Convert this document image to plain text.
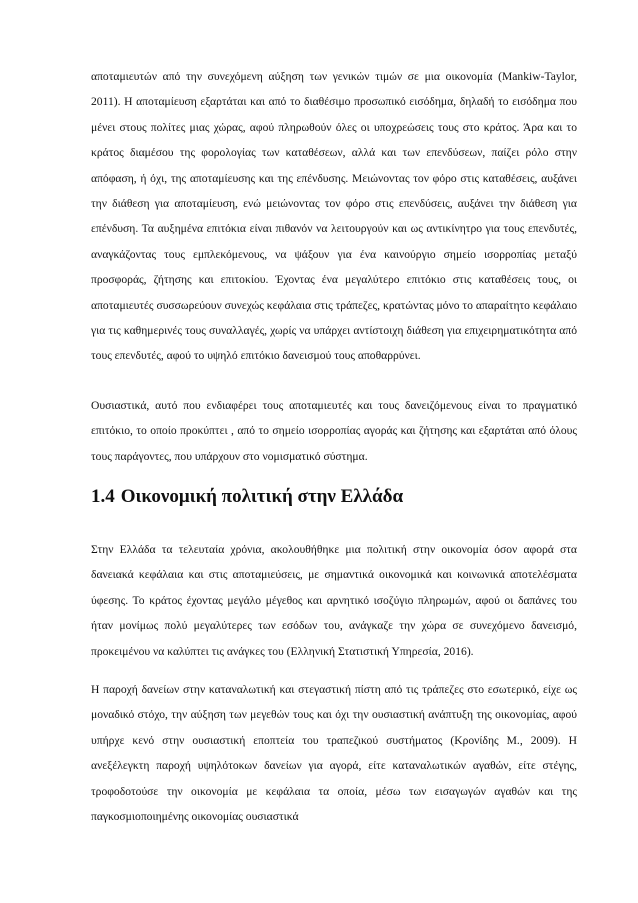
αποταμιευτών από την συνεχόμενη αύξηση των γενικών τιμών σε μια οικονομία (Mankiw-Taylor, 2011). Η αποταμίευση εξαρτάται και από το διαθέσιμο προσωπικό εισόδημα, δηλαδή το εισόδημα που μένει στους πολίτες μιας χώρας, αφού πληρωθούν όλες οι υποχρεώσεις τους στο κράτος. Άρα και το κράτος διαμέσου της φορολογίας των καταθέσεων, αλλά και των επενδύσεων, παίζει ρόλο στην απόφαση, ή όχι, της αποταμίευσης και της επένδυσης. Μειώνοντας τον φόρο στις καταθέσεις, αυξάνει την διάθεση για αποταμίευση, ενώ μειώνοντας τον φόρο στις επενδύσεις, αυξάνει την διάθεση για επένδυση. Τα αυξημένα επιτόκια είναι πιθανόν να λειτουργούν και ως αντικίνητρο για τους επενδυτές, αναγκάζοντας τους εμπλεκόμενους, να ψάξουν για ένα καινούργιο σημείο ισορροπίας μεταξύ προσφοράς, ζήτησης και επιτοκίου. Έχοντας ένα μεγαλύτερο επιτόκιο στις καταθέσεις τους, οι αποταμιευτές συσσωρεύουν συνεχώς κεφάλαια στις τράπεζες, κρατώντας μόνο το απαραίτητο κεφάλαιο για τις καθημερινές τους συναλλαγές, χωρίς να υπάρχει αντίστοιχη διάθεση για επιχειρηματικότητα από τους επενδυτές, αφού το υψηλό επιτόκιο δανεισμού τους αποθαρρύνει.

Ουσιαστικά, αυτό που ενδιαφέρει τους αποταμιευτές και τους δανειζόμενους είναι το πραγματικό επιτόκιο, το οποίο προκύπτει , από το σημείο ισορροπίας αγοράς και ζήτησης και εξαρτάται από όλους τους παράγοντες, που υπάρχουν στο νομισματικό σύστημα.

1.4 Οικονομική πολιτική στην Ελλάδα

Στην Ελλάδα τα τελευταία χρόνια, ακολουθήθηκε μια πολιτική στην οικονομία όσον αφορά στα δανειακά κεφάλαια και στις αποταμιεύσεις, με σημαντικά οικονομικά και κοινωνικά αποτελέσματα ύφεσης. Το κράτος έχοντας μεγάλο μέγεθος και αρνητικό ισοζύγιο πληρωμών, αφού οι δαπάνες του ήταν μονίμως πολύ μεγαλύτερες των εσόδων του, ανάγκαζε την χώρα σε συνεχόμενο δανεισμό, προκειμένου να καλύπτει τις ανάγκες του (Ελληνική Στατιστική Υπηρεσία, 2016).

Η παροχή δανείων στην καταναλωτική και στεγαστική πίστη από τις τράπεζες στο εσωτερικό, είχε ως μοναδικό στόχο, την αύξηση των μεγεθών τους και όχι την ουσιαστική ανάπτυξη της οικονομίας, αφού υπήρχε κενό στην ουσιαστική εποπτεία του τραπεζικού συστήματος (Κρονίδης Μ., 2009). Η ανεξέλεγκτη παροχή υψηλότοκων δανείων για αγορά, είτε καταναλωτικών αγαθών, είτε στέγης, τροφοδοτούσε την οικονομία με κεφάλαια τα οποία, μέσω των εισαγωγών αγαθών και της παγκοσμιοποιημένης οικονομίας ουσιαστικά
